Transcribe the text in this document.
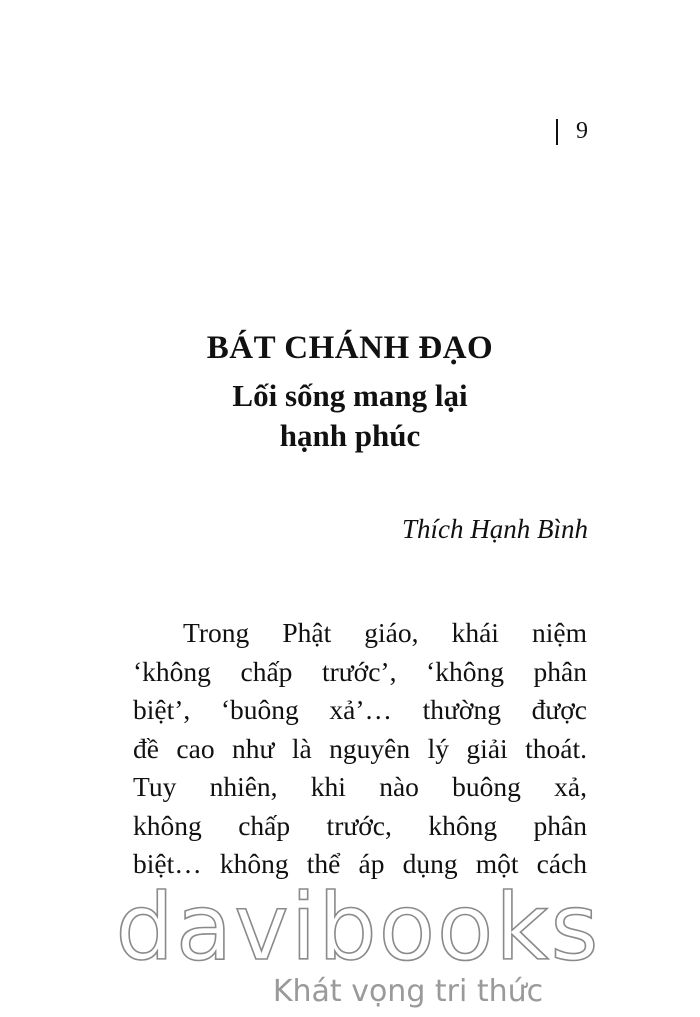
9
BÁT CHÁNH ĐẠO
Lối sống mang lại
hạnh phúc
Thích Hạnh Bình
Trong Phật giáo, khái niệm
‘không chấp trước’, ‘không phân
biệt’, ‘buông xả’… thường được
đề cao như là nguyên lý giải thoát.
Tuy nhiên, khi nào buông xả,
không chấp trước, không phân
biệt… không thể áp dụng một cách
davibooks
Khát vọng tri thức
